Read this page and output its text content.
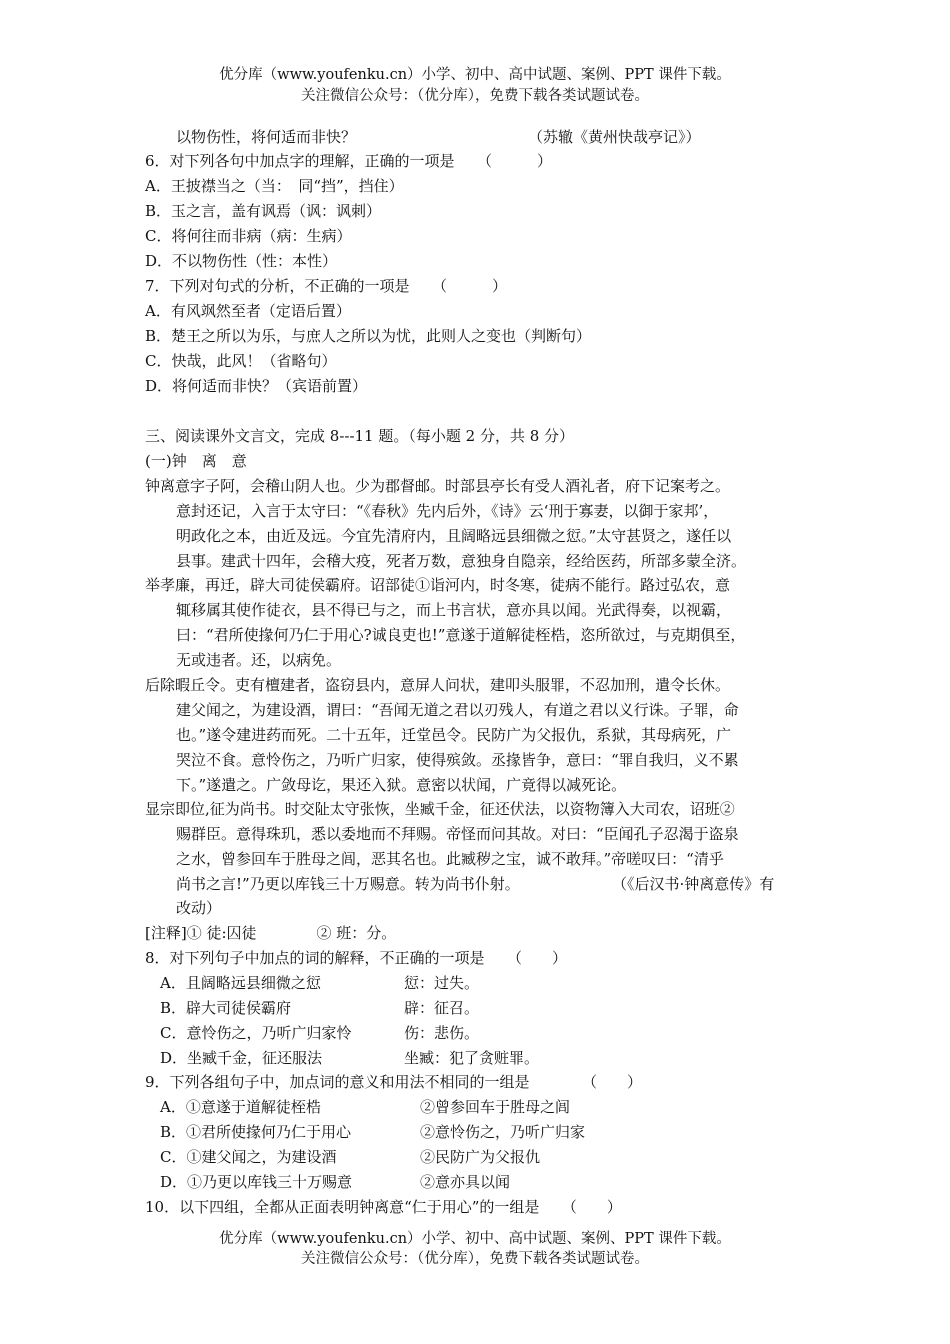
优分库（www.youfenku.cn）小学、初中、高中试题、案例、PPT 课件下载。
关注微信公众号：（优分库），免费下载各类试题试卷。
以物伤性，将何适而非快？	（苏辙《黄州快哉亭记》）
6．对下列各句中加点字的理解，正确的一项是　　（　　　）
A．王披襟当之（当：　同“挡”，挡住）
B．玉之言，盖有讽焉（讽：讽刺）
C．将何往而非病（病：生病）
D．不以物伤性（性：本性）
7．下列对句式的分析，不正确的一项是　　（　　　）
A．有风飒然至者（定语后置）
B．楚王之所以为乐，与庶人之所以为忧，此则人之变也（判断句）
C．快哉，此风！（省略句）
D．将何适而非快？（宾语前置）
三、阅读课外文言文，完成 8---11 题。（每小题 2 分，共 8 分）
(一)钟　离　意
钟离意字子阿，会稽山阴人也。少为郡督邮。时部县亭长有受人酒礼者，府下记案考之。
意封还记，入言于太守曰：“《春秋》先内后外，《诗》云‘刑于寡妻，以御于家邦’，
明政化之本，由近及远。今宜先清府内，且阔略远县细微之愆。”太守甚贤之，遂任以
县事。建武十四年，会稽大疫，死者万数，意独身自隐亲，经给医药，所部多蒙全济。
举孝廉，再迁，辟大司徒侯霸府。诏部徒①诣河内，时冬寒，徒病不能行。路过弘农，意
辄移属其使作徒衣，县不得已与之，而上书言状，意亦具以闻。光武得奏，以视霸，
曰：“君所使掾何乃仁于用心?诚良吏也!”意遂于道解徒桎梏，恣所欲过，与克期俱至，
无或违者。还，以病免。
后除暇丘令。吏有檀建者，盗窃县内，意屏人问状，建叩头服罪，不忍加刑，遣令长休。
建父闻之，为建设酒，谓曰：“吾闻无道之君以刃残人，有道之君以义行诛。子罪，命
也。”遂令建进药而死。二十五年，迁堂邑令。民防广为父报仇，系狱，其母病死，广
哭泣不食。意怜伤之，乃听广归家，使得殡敛。丞掾皆争，意曰：“罪自我归，义不累
下。”遂遣之。广敛母讫，果还入狱。意密以状闻，广竟得以减死论。
显宗即位,征为尚书。时交阯太守张恢，坐臧千金，征还伏法，以资物簿入大司农，诏班②
赐群臣。意得珠玑，悉以委地而不拜赐。帝怪而问其故。对曰：“臣闻孔子忍渴于盗泉
之水，曾参回车于胜母之闾，恶其名也。此臧秽之宝，诚不敢拜。”帝嗟叹曰：“清乎
尚书之言!”乃更以库钱三十万赐意。转为尚书仆射。	（《后汉书·钟离意传》有
改动）
[注释]① 徒:囚徒　　　　② 班：分。
8．对下列句子中加点的词的解释，不正确的一项是　　（　　）
A．且阔略远县细微之愆	愆：过失。
B．辟大司徒侯霸府	辟：征召。
C．意怜伤之，乃听广归家怜	伤：悲伤。
D．坐臧千金，征还服法	坐臧：犯了贪赃罪。
9．下列各组句子中，加点词的意义和用法不相同的一组是　　　　（　　）
A．①意遂于道解徒桎梏	②曾参回车于胜母之闾
B．①君所使掾何乃仁于用心	②意怜伤之，乃听广归家
C．①建父闻之，为建设酒	②民防广为父报仇
D．①乃更以库钱三十万赐意	②意亦具以闻
10．以下四组，全都从正面表明钟离意“仁于用心”的一组是　　（　　）
优分库（www.youfenku.cn）小学、初中、高中试题、案例、PPT 课件下载。
关注微信公众号：（优分库），免费下载各类试题试卷。
